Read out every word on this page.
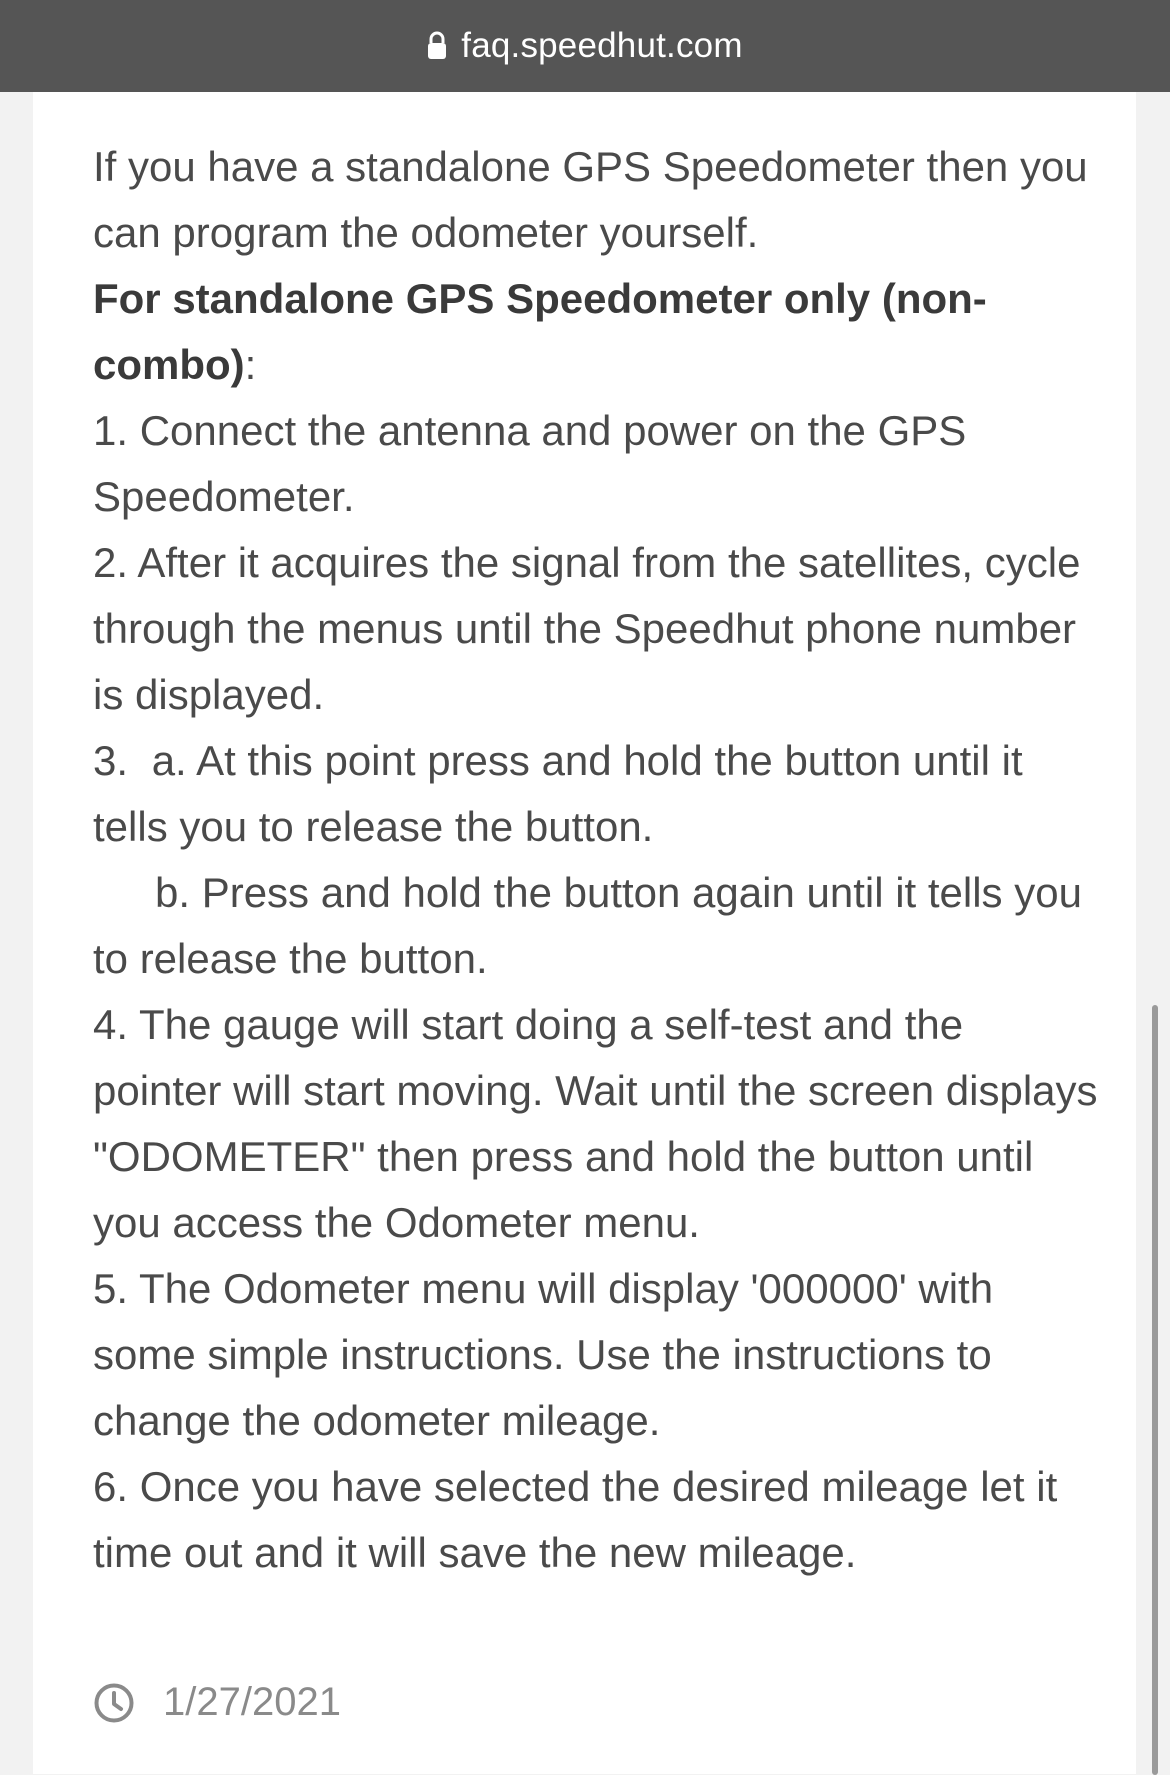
faq.speedhut.com

If you have a standalone GPS Speedometer then you can program the odometer yourself.

For standalone GPS Speedometer only (non-combo):

1. Connect the antenna and power on the GPS Speedometer.

2. After it acquires the signal from the satellites, cycle through the menus until the Speedhut phone number is displayed.

3. a. At this point press and hold the button until it tells you to release the button.

b. Press and hold the button again until it tells you to release the button.

4. The gauge will start doing a self-test and the pointer will start moving. Wait until the screen displays "ODOMETER" then press and hold the button until you access the Odometer menu.

5. The Odometer menu will display '000000' with some simple instructions. Use the instructions to change the odometer mileage.

6. Once you have selected the desired mileage let it time out and it will save the new mileage.

1/27/2021
